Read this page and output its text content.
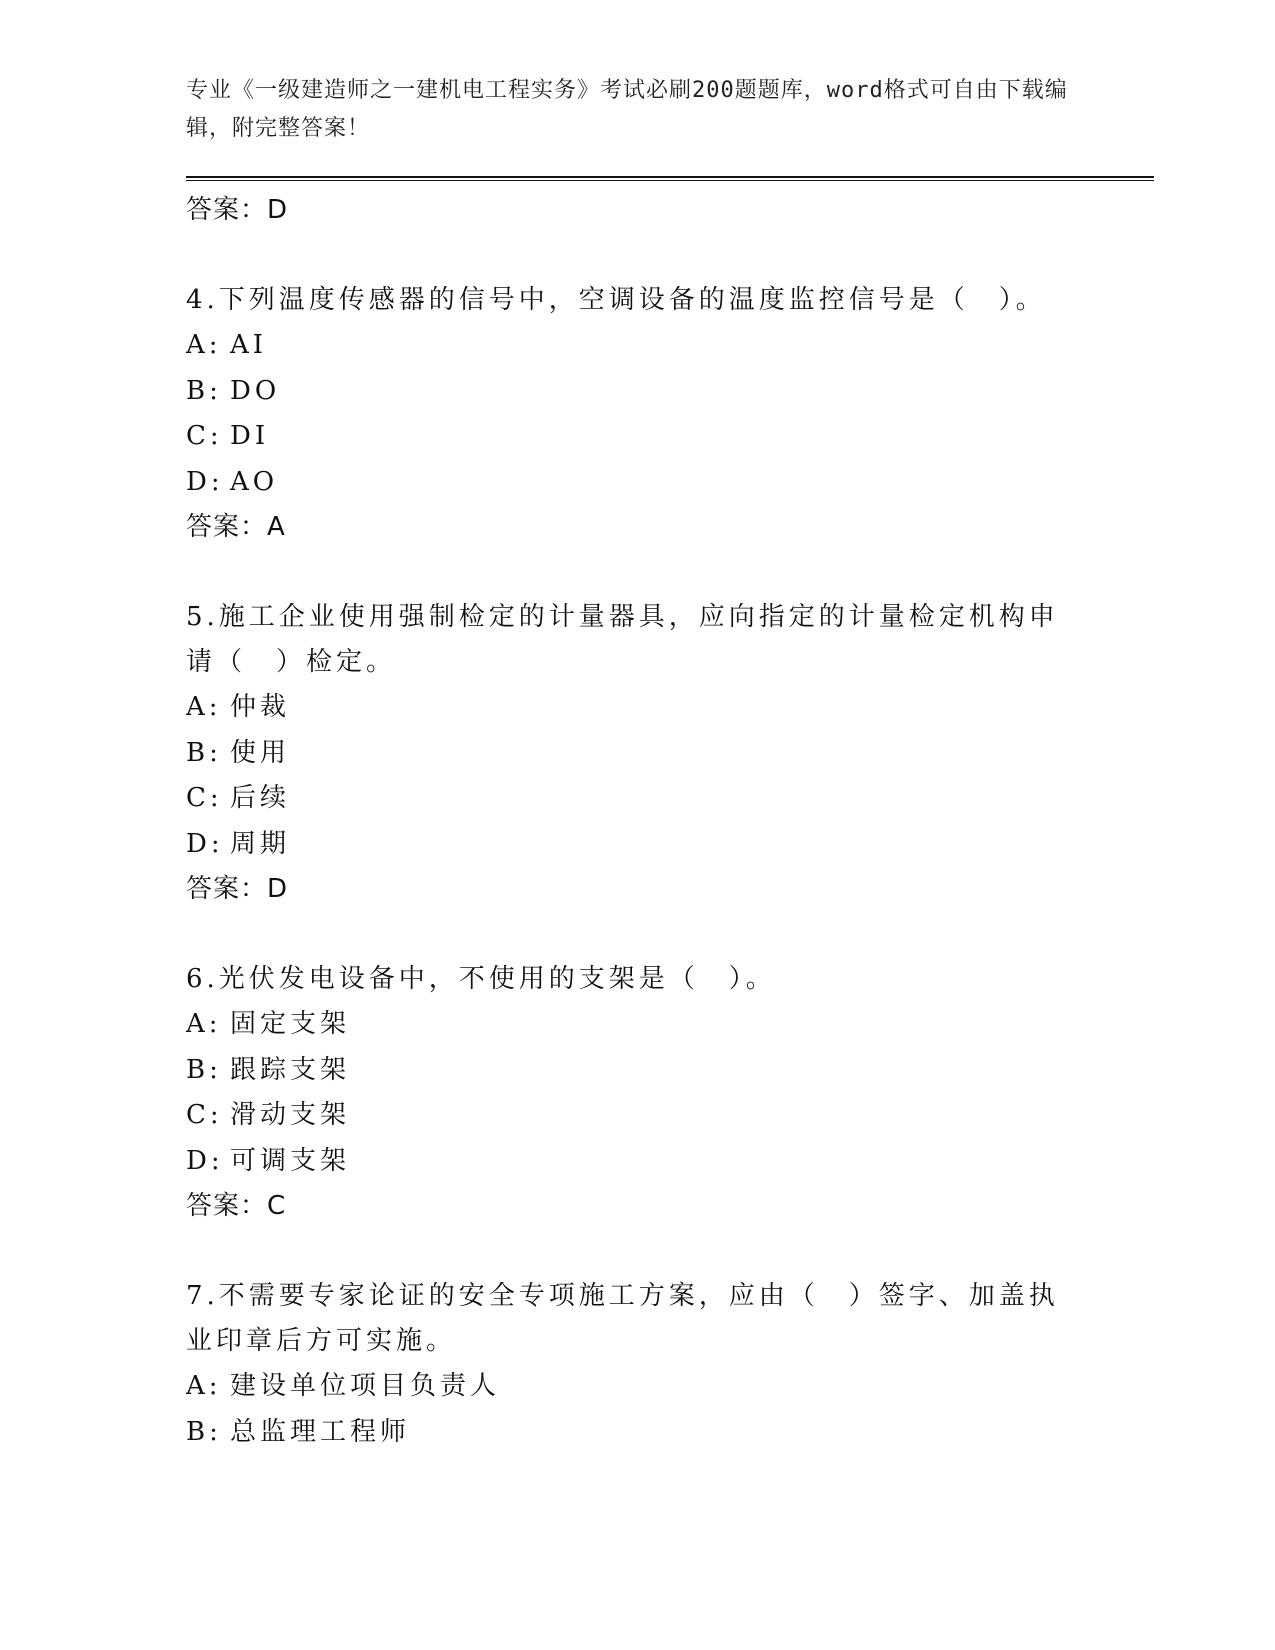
专业《一级建造师之一建机电工程实务》考试必刷200题题库，word格式可自由下载编辑，附完整答案！
答案：D
4.下列温度传感器的信号中，空调设备的温度监控信号是（　）。
A: AI
B: DO
C: DI
D: AO
答案：A
5.施工企业使用强制检定的计量器具，应向指定的计量检定机构申请（　）检定。
A: 仲裁
B: 使用
C: 后续
D: 周期
答案：D
6.光伏发电设备中，不使用的支架是（　）。
A: 固定支架
B: 跟踪支架
C: 滑动支架
D: 可调支架
答案：C
7.不需要专家论证的安全专项施工方案，应由（　）签字、加盖执业印章后方可实施。
A: 建设单位项目负责人
B: 总监理工程师
